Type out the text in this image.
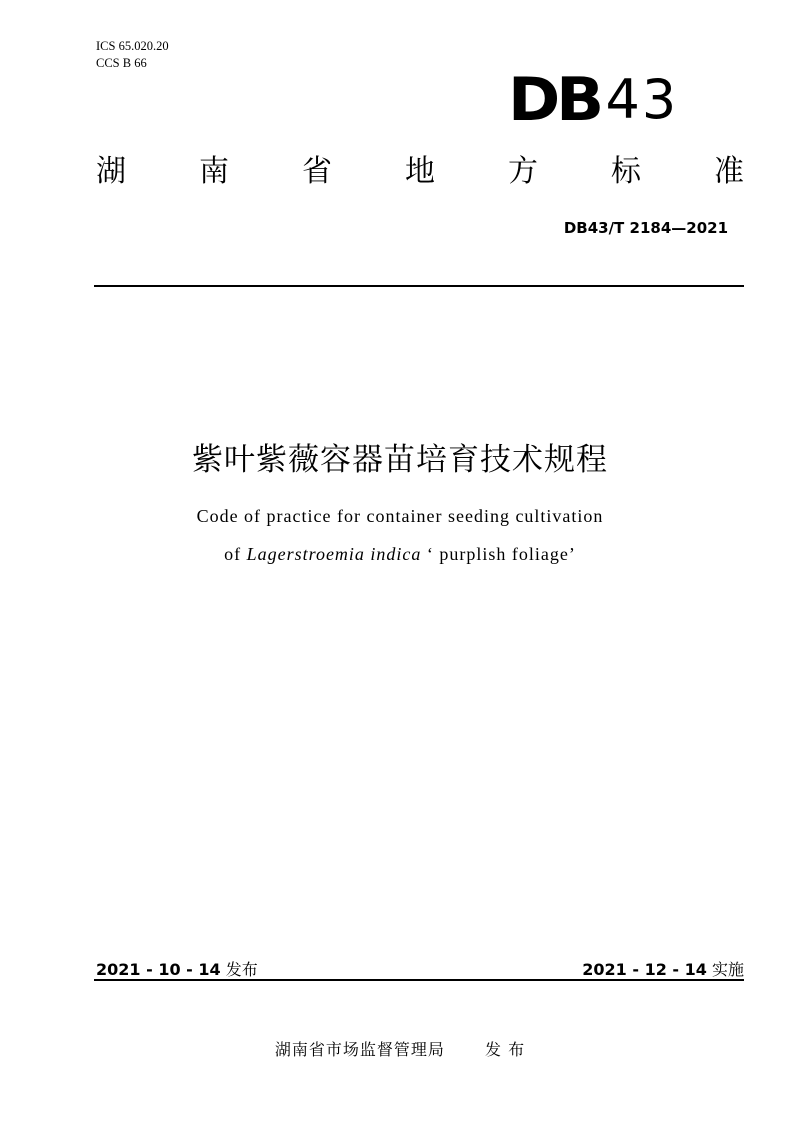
ICS 65.020.20
CCS B 66
DB 43
湖 南 省 地 方 标 准
DB43/T 2184—2021
紫叶紫薇容器苗培育技术规程
Code of practice for container seeding cultivation
of Lagerstroemia indica ‘ purplish foliage’
2021 - 10 - 14 发布	2021 - 12 - 14 实施
湖南省市场监督管理局	发 布
